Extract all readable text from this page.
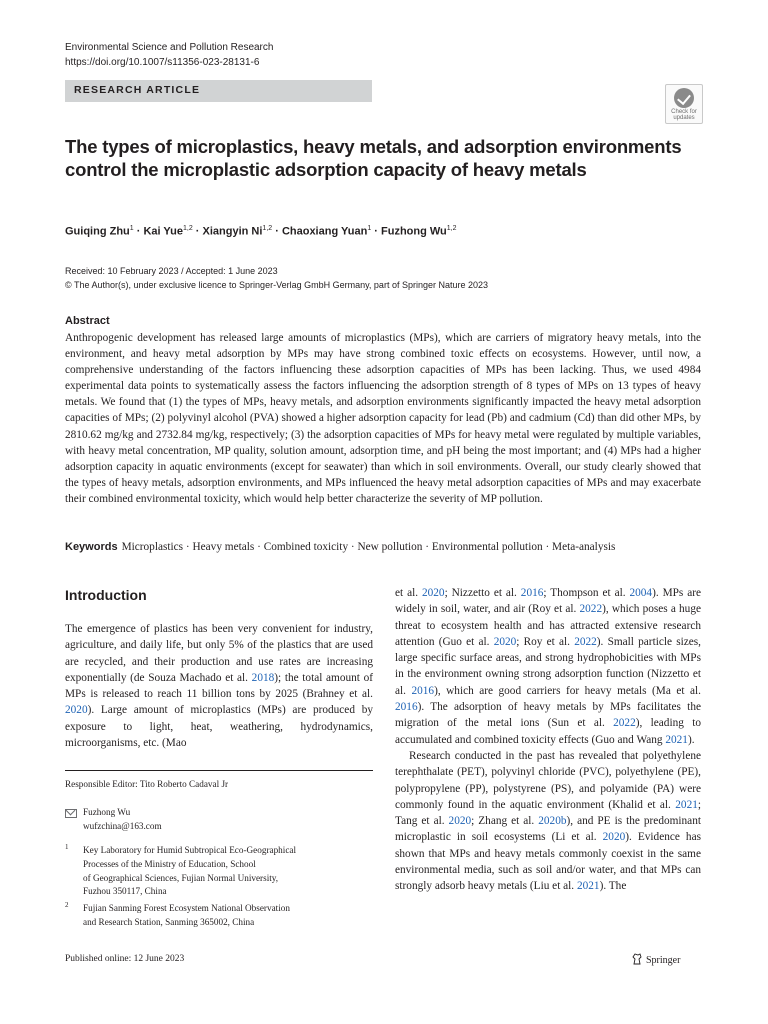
Environmental Science and Pollution Research
https://doi.org/10.1007/s11356-023-28131-6
RESEARCH ARTICLE
Check for
updates
The types of microplastics, heavy metals, and adsorption environments control the microplastic adsorption capacity of heavy metals
Guiqing Zhu$^1$ · Kai Yue$^{1,2}$ · Xiangyin Ni$^{1,2}$ · Chaoxiang Yuan$^1$ · Fuzhong Wu$^{1,2}$
Received: 10 February 2023 / Accepted: 1 June 2023
© The Author(s), under exclusive licence to Springer-Verlag GmbH Germany, part of Springer Nature 2023
Abstract
Anthropogenic development has released large amounts of microplastics (MPs), which are carriers of migratory heavy metals, into the environment, and heavy metal adsorption by MPs may have strong combined toxic effects on ecosystems. However, until now, a comprehensive understanding of the factors influencing these adsorption capacities of MPs has been lacking. Thus, we used 4984 experimental data points to systematically assess the factors influencing the adsorption strength of 8 types of MPs on 13 types of heavy metals. We found that (1) the types of MPs, heavy metals, and adsorption environments significantly impacted the heavy metal adsorption capacities of MPs; (2) polyvinyl alcohol (PVA) showed a higher adsorption capacity for lead (Pb) and cadmium (Cd) than did other MPs, by 2810.62 mg/kg and 2732.84 mg/kg, respectively; (3) the adsorption capacities of MPs for heavy metal were regulated by multiple variables, with heavy metal concentration, MP quality, solution amount, adsorption time, and pH being the most important; and (4) MPs had a higher adsorption capacity in aquatic environments (except for seawater) than which in soil environments. Overall, our study clearly showed that the types of heavy metals, adsorption environments, and MPs influenced the heavy metal adsorption capacities of MPs and may exacerbate their combined environmental toxicity, which would help better characterize the severity of MP pollution.
Keywords Microplastics · Heavy metals · Combined toxicity · New pollution · Environmental pollution · Meta-analysis
Introduction
The emergence of plastics has been very convenient for industry, agriculture, and daily life, but only 5% of the plastics that are used are recycled, and their production and use rates are increasing exponentially (de Souza Machado et al. 2018); the total amount of MPs is released to reach 11 billion tons by 2025 (Brahney et al. 2020). Large amount of microplastics (MPs) are produced by exposure to light, heat, weathering, hydrodynamics, microorganisms, etc. (Mao

et al. 2020; Nizzetto et al. 2016; Thompson et al. 2004). MPs are widely in soil, water, and air (Roy et al. 2022), which poses a huge threat to ecosystem health and has attracted extensive research attention (Guo et al. 2020; Roy et al. 2022). Small particle sizes, large specific surface areas, and strong hydrophobicities with MPs in the environment owning strong adsorption function (Nizzetto et al. 2016), which are good carriers for heavy metals (Ma et al. 2016). The adsorption of heavy metals by MPs facilitates the migration of the metal ions (Sun et al. 2022), leading to accumulated and combined toxicity effects (Guo and Wang 2021).

Research conducted in the past has revealed that polyethylene terephthalate (PET), polyvinyl chloride (PVC), polyethylene (PE), polypropylene (PP), polystyrene (PS), and polyamide (PA) were commonly found in the aquatic environment (Khalid et al. 2021; Tang et al. 2020; Zhang et al. 2020b), and PE is the predominant microplastic in soil ecosystems (Li et al. 2020). Evidence has shown that MPs and heavy metals commonly coexist in the same environmental media, such as soil and/or water, and that MPs can strongly adsorb heavy metals (Liu et al. 2021). The

Responsible Editor: Tito Roberto Cadaval Jr
Fuzhong Wu
wufzchina@163.com
1 Key Laboratory for Humid Subtropical Eco-Geographical
Processes of the Ministry of Education, School
of Geographical Sciences, Fujian Normal University,
Fuzhou 350117, China
2 Fujian Sanming Forest Ecosystem National Observation
and Research Station, Sanming 365002, China
Published online: 12 June 2023	Springer
